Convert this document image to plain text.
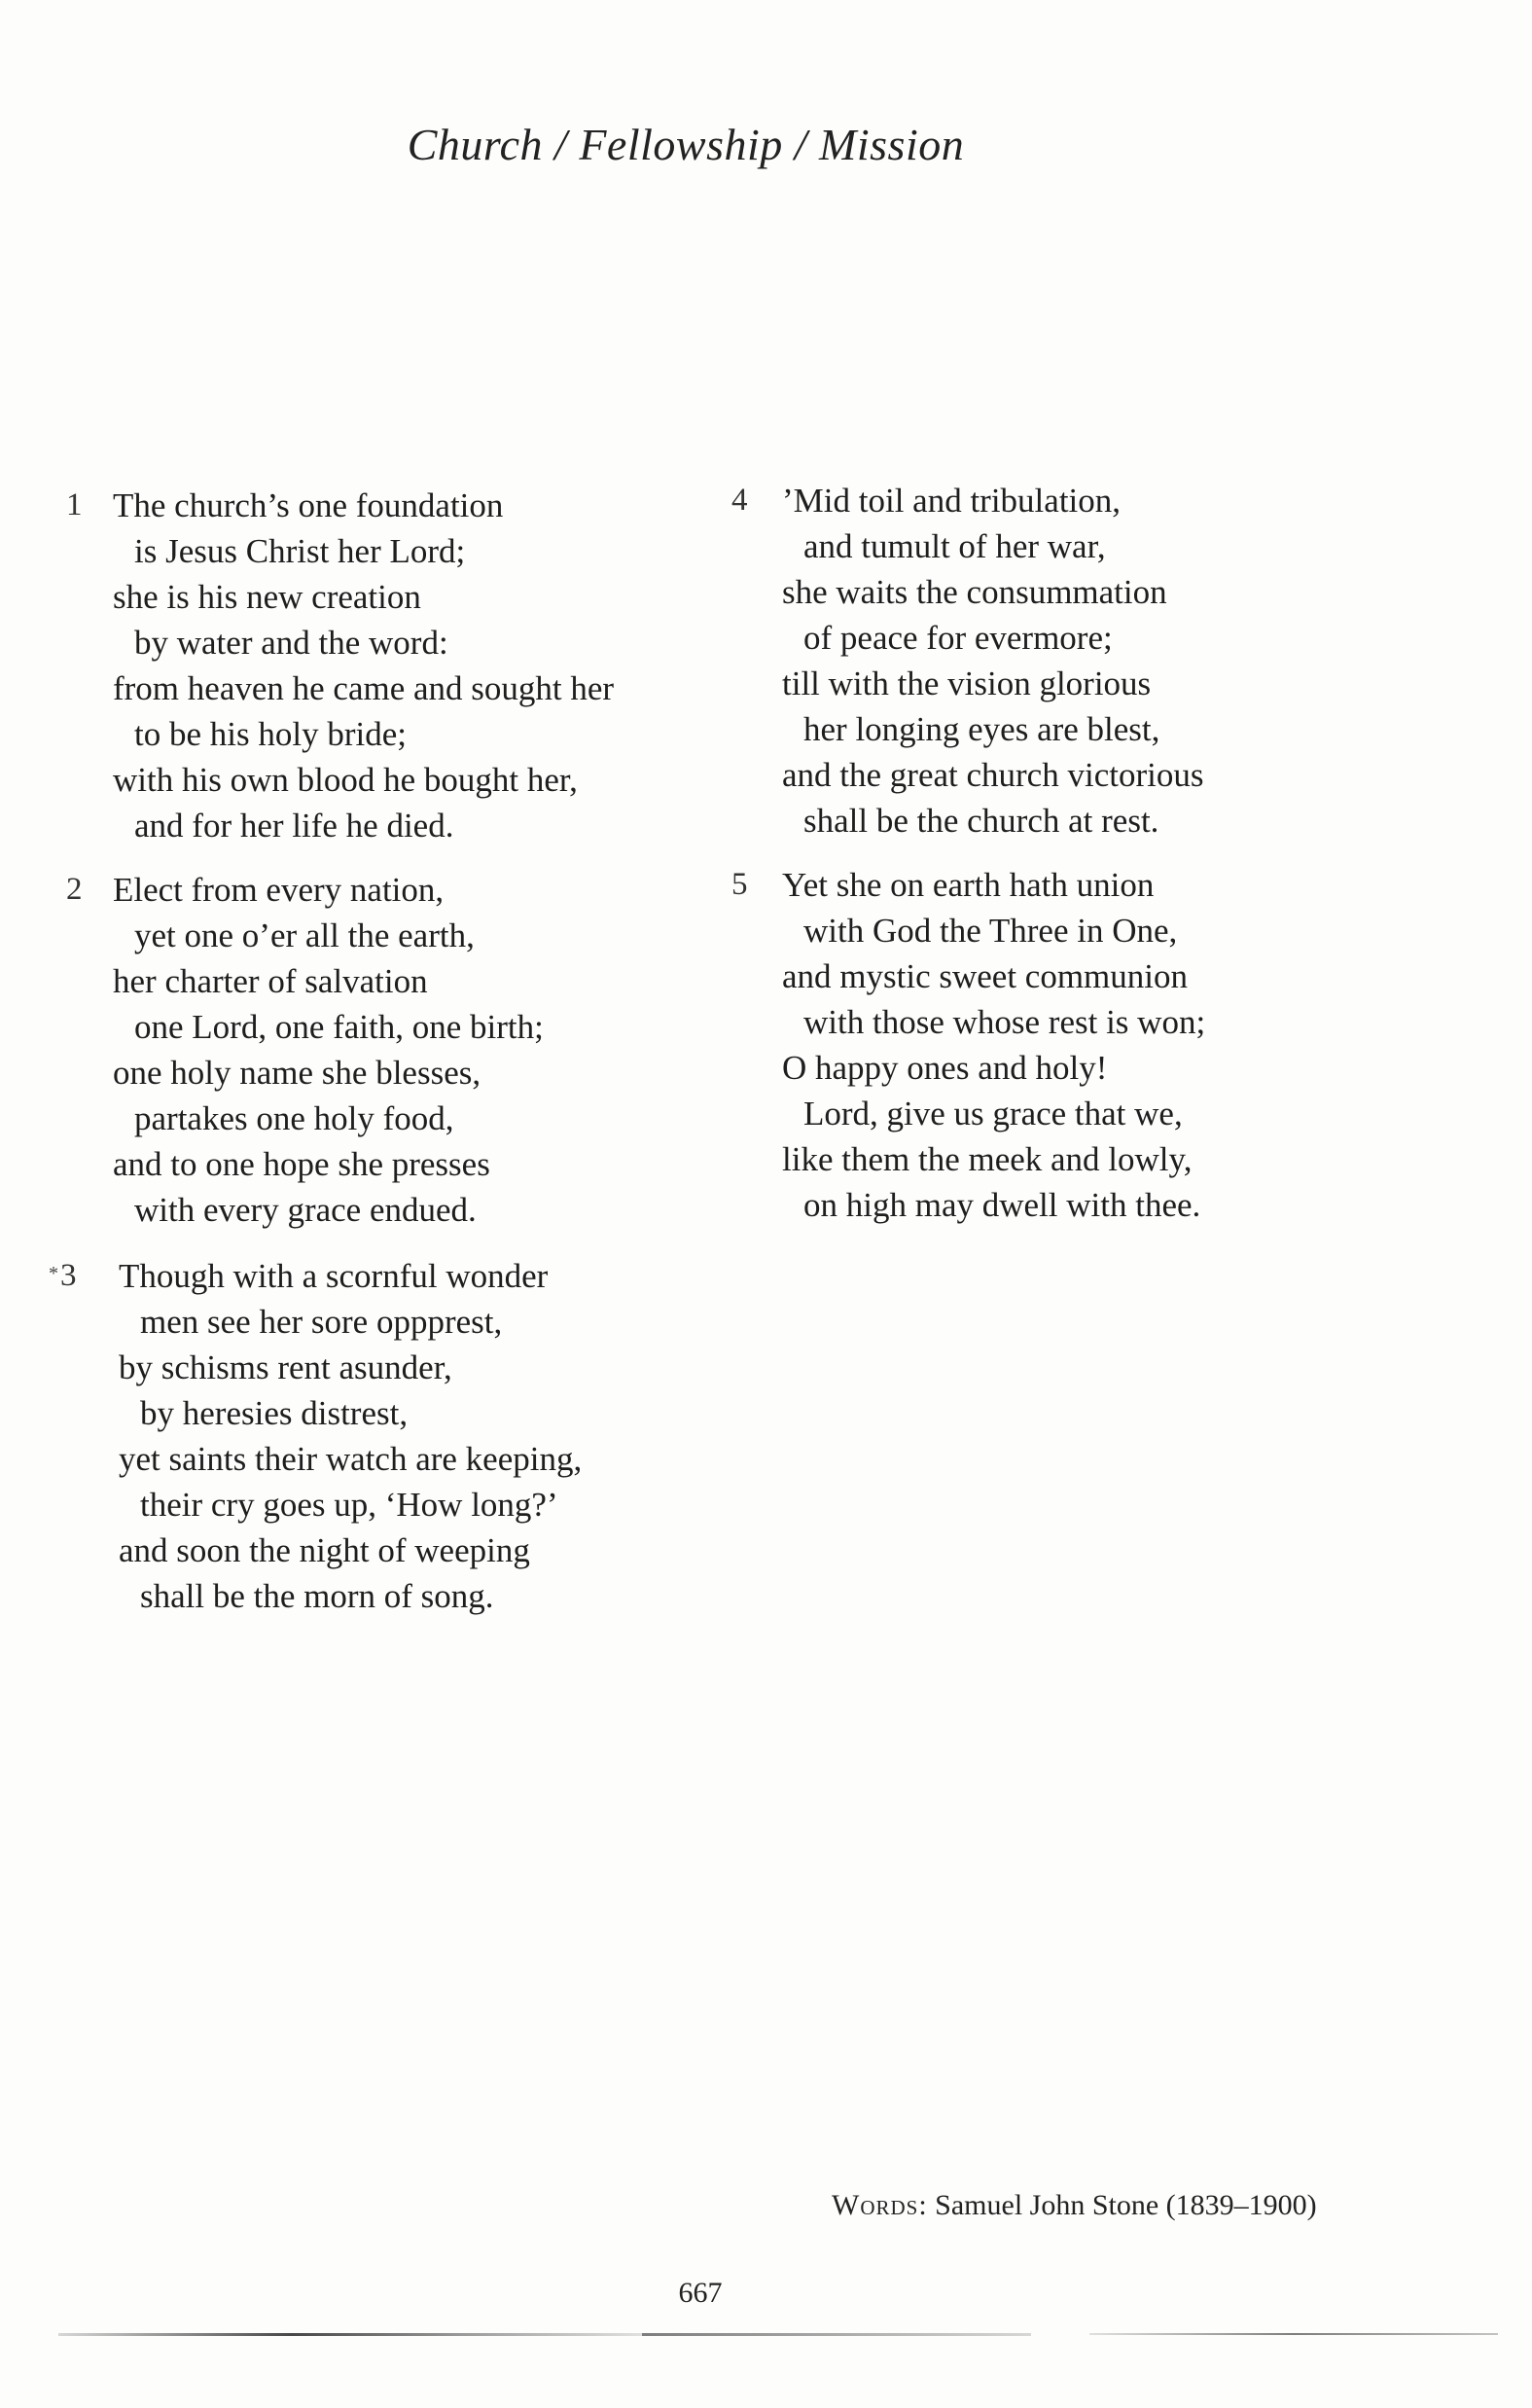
Church / Fellowship / Mission
1 The church’s one foundation
is Jesus Christ her Lord;
she is his new creation
by water and the word:
from heaven he came and sought her
to be his holy bride;
with his own blood he bought her,
and for her life he died.
2 Elect from every nation,
yet one o’er all the earth,
her charter of salvation
one Lord, one faith, one birth;
one holy name she blesses,
partakes one holy food,
and to one hope she presses
with every grace endued.
* 3 Though with a scornful wonder
men see her sore oppprest,
by schisms rent asunder,
by heresies distrest,
yet saints their watch are keeping,
their cry goes up, ‘How long?’
and soon the night of weeping
shall be the morn of song.
4 ’Mid toil and tribulation,
and tumult of her war,
she waits the consummation
of peace for evermore;
till with the vision glorious
her longing eyes are blest,
and the great church victorious
shall be the church at rest.
5 Yet she on earth hath union
with God the Three in One,
and mystic sweet communion
with those whose rest is won;
O happy ones and holy!
Lord, give us grace that we,
like them the meek and lowly,
on high may dwell with thee.
Words: Samuel John Stone (1839–1900)
667
